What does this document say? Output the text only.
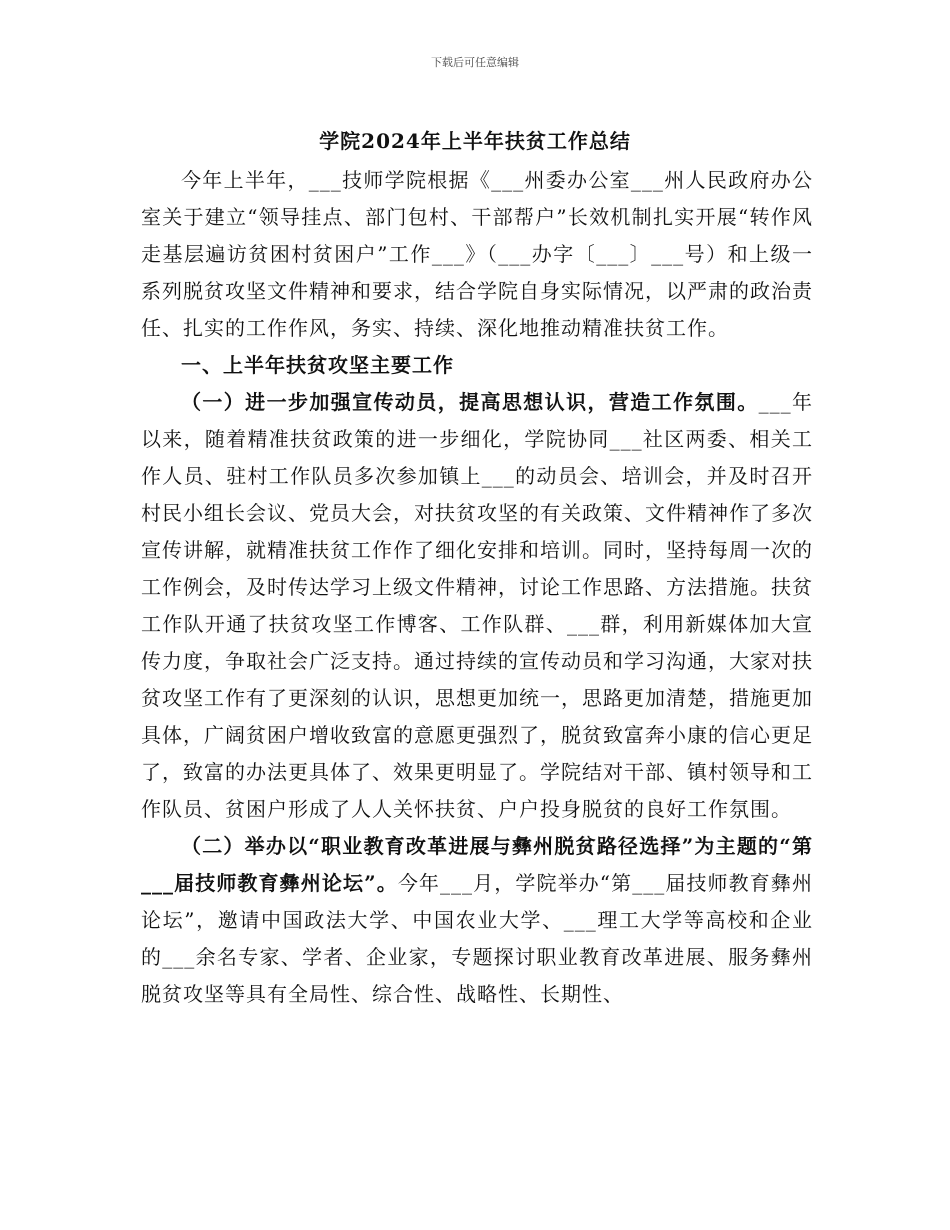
下载后可任意编辑
学院2024年上半年扶贫工作总结

今年上半年，___技师学院根据《___州委办公室___州人民政府办公室关于建立“领导挂点、部门包村、干部帮户”长效机制扎实开展“转作风走基层遍访贫困村贫困户”工作___》（___办字〔___〕___号）和上级一系列脱贫攻坚文件精神和要求，结合学院自身实际情况，以严肃的政治责任、扎实的工作作风，务实、持续、深化地推动精准扶贫工作。

一、上半年扶贫攻坚主要工作

（一）进一步加强宣传动员，提高思想认识，营造工作氛围。___年以来，随着精准扶贫政策的进一步细化，学院协同___社区两委、相关工作人员、驻村工作队员多次参加镇上___的动员会、培训会，并及时召开村民小组长会议、党员大会，对扶贫攻坚的有关政策、文件精神作了多次宣传讲解，就精准扶贫工作作了细化安排和培训。同时，坚持每周一次的工作例会，及时传达学习上级文件精神，讨论工作思路、方法措施。扶贫工作队开通了扶贫攻坚工作博客、工作队群、___群，利用新媒体加大宣传力度，争取社会广泛支持。通过持续的宣传动员和学习沟通，大家对扶贫攻坚工作有了更深刻的认识，思想更加统一，思路更加清楚，措施更加具体，广阔贫困户增收致富的意愿更强烈了，脱贫致富奔小康的信心更足了，致富的办法更具体了、效果更明显了。学院结对干部、镇村领导和工作队员、贫困户形成了人人关怀扶贫、户户投身脱贫的良好工作氛围。

（二）举办以“职业教育改革进展与彝州脱贫路径选择”为主题的“第___届技师教育彝州论坛”。今年___月，学院举办“第___届技师教育彝州论坛”，邀请中国政法大学、中国农业大学、___理工大学等高校和企业的___余名专家、学者、企业家，专题探讨职业教育改革进展、服务彝州脱贫攻坚等具有全局性、综合性、战略性、长期性、
